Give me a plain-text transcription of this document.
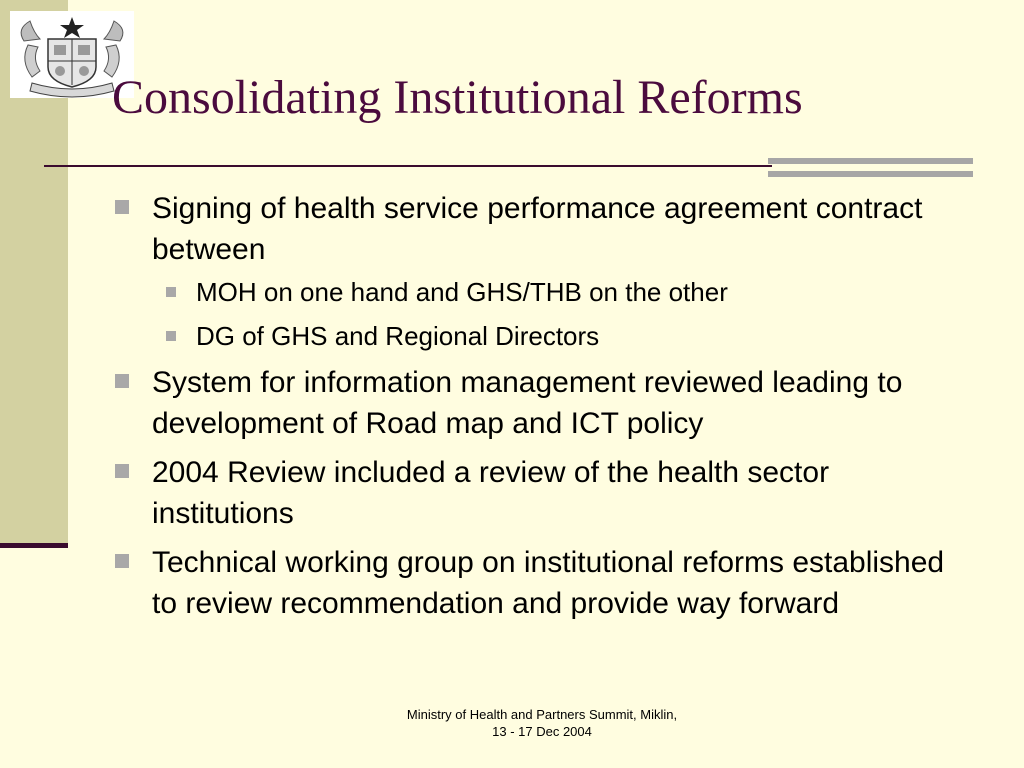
Consolidating Institutional Reforms
Signing of health service performance agreement contract between
MOH on one hand and GHS/THB on the other
DG of GHS and Regional Directors
System for information management reviewed leading to development of Road map and ICT policy
2004 Review included a review of the health sector institutions
Technical working group on institutional reforms established to review recommendation and provide way forward
Ministry of Health and Partners Summit, Miklin,
13 - 17 Dec 2004
